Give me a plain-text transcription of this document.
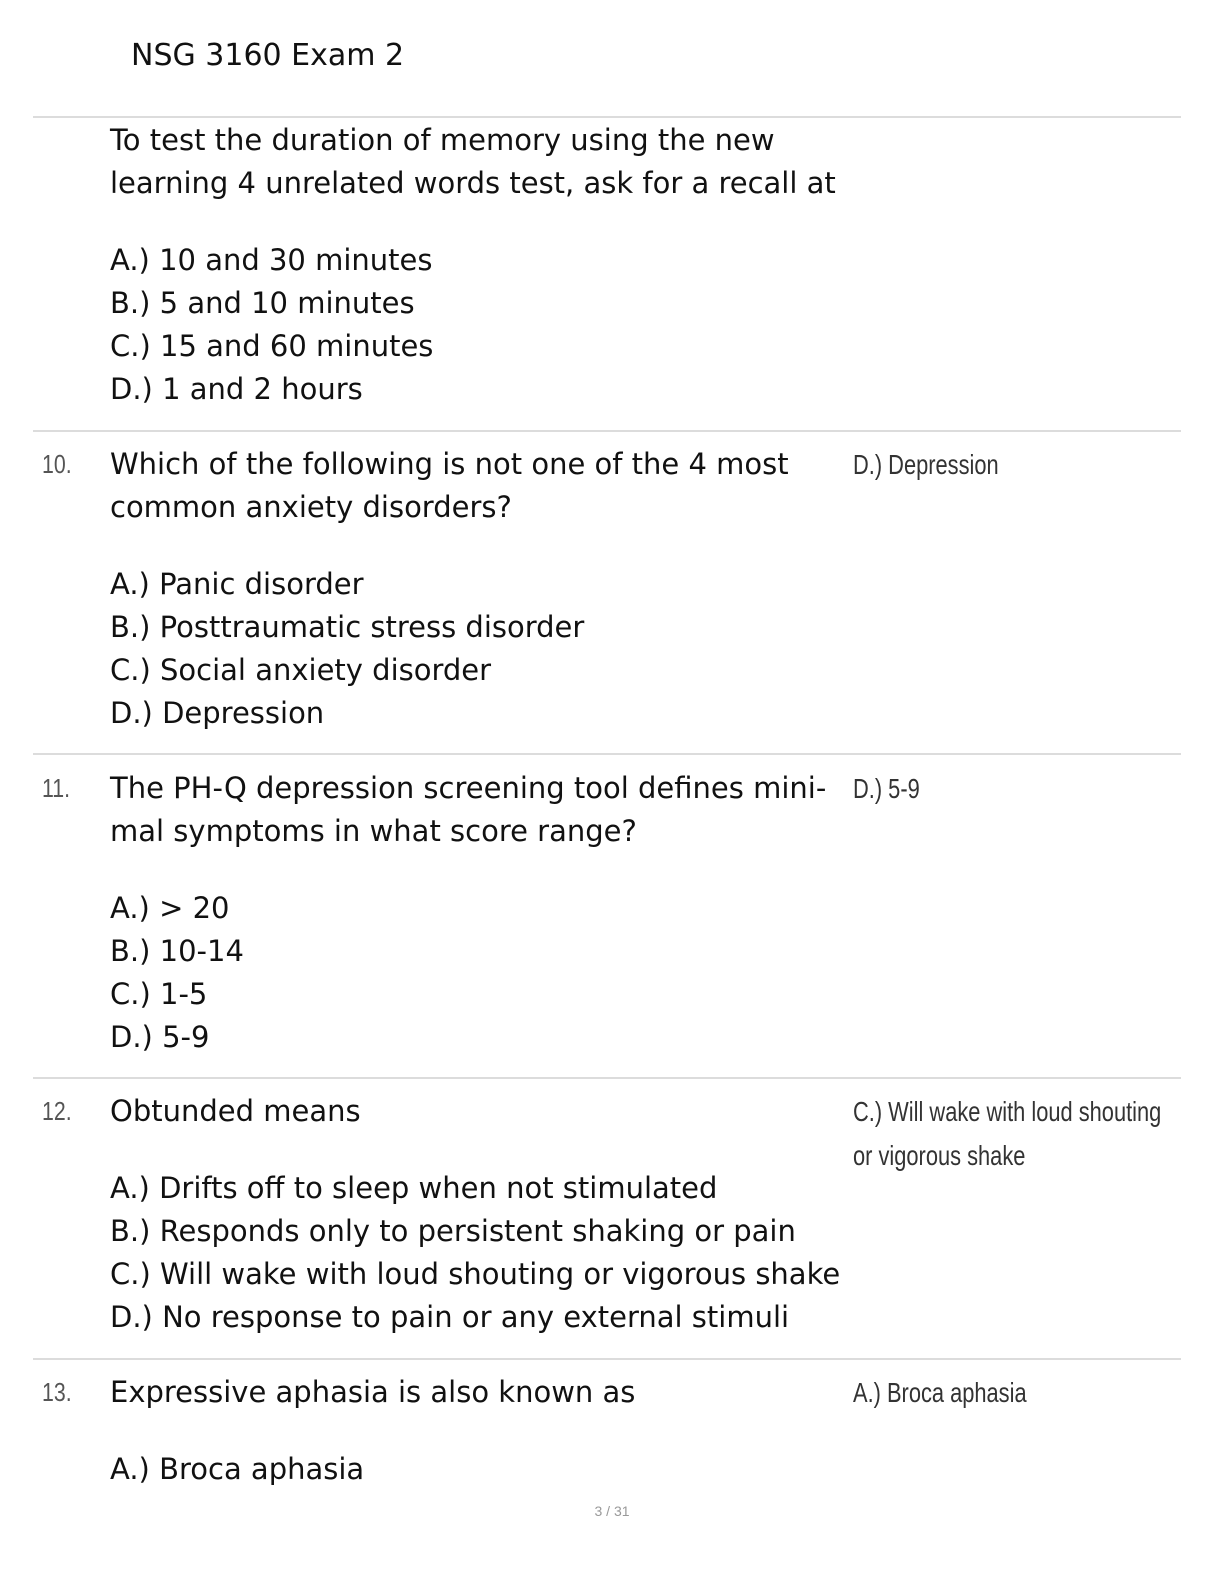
NSG 3160 Exam 2
To test the duration of memory using the new
learning 4 unrelated words test, ask for a recall at
A.) 10 and 30 minutes
B.) 5 and 10 minutes
C.) 15 and 60 minutes
D.) 1 and 2 hours
10. Which of the following is not one of the 4 most
common anxiety disorders?
D.) Depression
A.) Panic disorder
B.) Posttraumatic stress disorder
C.) Social anxiety disorder
D.) Depression
11. The PH-Q depression screening tool defines mini-
mal symptoms in what score range?
D.) 5-9
A.) > 20
B.) 10-14
C.) 1-5
D.) 5-9
12. Obtunded means	C.) Will wake with loud shouting
or vigorous shake
A.) Drifts off to sleep when not stimulated
B.) Responds only to persistent shaking or pain
C.) Will wake with loud shouting or vigorous shake
D.) No response to pain or any external stimuli
13. Expressive aphasia is also known as	A.) Broca aphasia
A.) Broca aphasia
3 / 31
